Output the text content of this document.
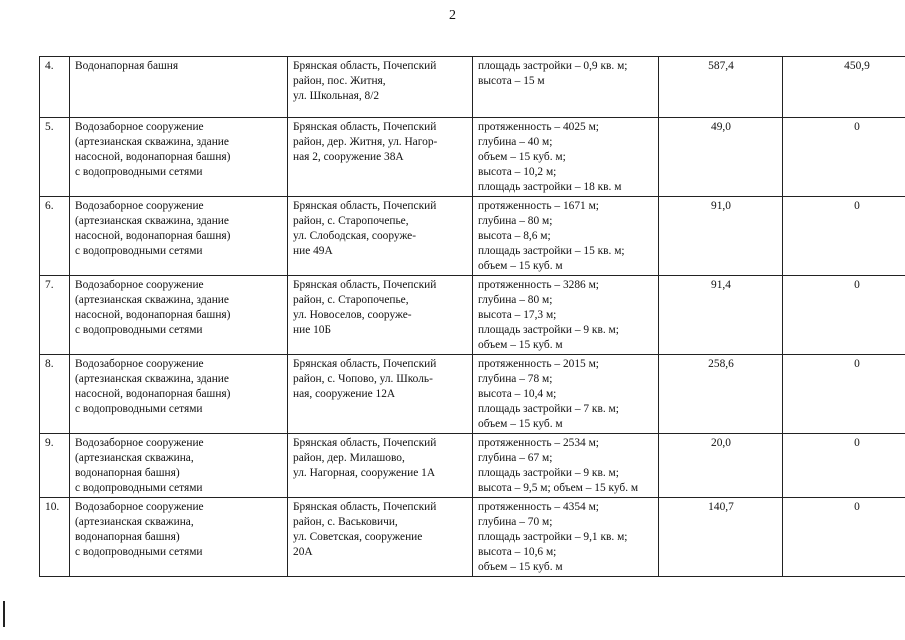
2
4.	Водонапорная башня	Брянская область, Почепский
район, пос. Житня,
ул. Школьная, 8/2	площадь застройки – 0,9 кв. м;
высота – 15 м	587,4	450,9
5.	Водозаборное сооружение
(артезианская скважина, здание
насосной, водонапорная башня)
с водопроводными сетями	Брянская область, Почепский
район, дер. Житня, ул. Нагор-
ная 2, сооружение 38А	протяженность – 4025 м;
глубина – 40 м;
объем – 15 куб. м;
высота – 10,2 м;
площадь застройки – 18 кв. м	49,0	0
6.	Водозаборное сооружение
(артезианская скважина, здание
насосной, водонапорная башня)
с водопроводными сетями	Брянская область, Почепский
район, с. Старопочепье,
ул. Слободская, сооруже-
ние 49А	протяженность – 1671 м;
глубина – 80 м;
высота – 8,6 м;
площадь застройки – 15 кв. м;
объем – 15 куб. м	91,0	0
7.	Водозаборное сооружение
(артезианская скважина, здание
насосной, водонапорная башня)
с водопроводными сетями	Брянская область, Почепский
район, с. Старопочепье,
ул. Новоселов, сооруже-
ние 10Б	протяженность – 3286 м;
глубина – 80 м;
высота – 17,3 м;
площадь застройки – 9 кв. м;
объем – 15 куб. м	91,4	0
8.	Водозаборное сооружение
(артезианская скважина, здание
насосной, водонапорная башня)
с водопроводными сетями	Брянская область, Почепский
район, с. Чопово, ул. Школь-
ная, сооружение 12А	протяженность – 2015 м;
глубина – 78 м;
высота – 10,4 м;
площадь застройки – 7 кв. м;
объем – 15 куб. м	258,6	0
9.	Водозаборное сооружение
(артезианская скважина,
водонапорная башня)
с водопроводными сетями	Брянская область, Почепский
район, дер. Милашово,
ул. Нагорная, сооружение 1А	протяженность – 2534 м;
глубина – 67 м;
площадь застройки – 9 кв. м;
высота – 9,5 м; объем – 15 куб. м	20,0	0
10.	Водозаборное сооружение
(артезианская скважина,
водонапорная башня)
с водопроводными сетями	Брянская область, Почепский
район, с. Васьковичи,
ул. Советская, сооружение
20А	протяженность – 4354 м;
глубина – 70 м;
площадь застройки – 9,1 кв. м;
высота – 10,6 м;
объем – 15 куб. м	140,7	0
